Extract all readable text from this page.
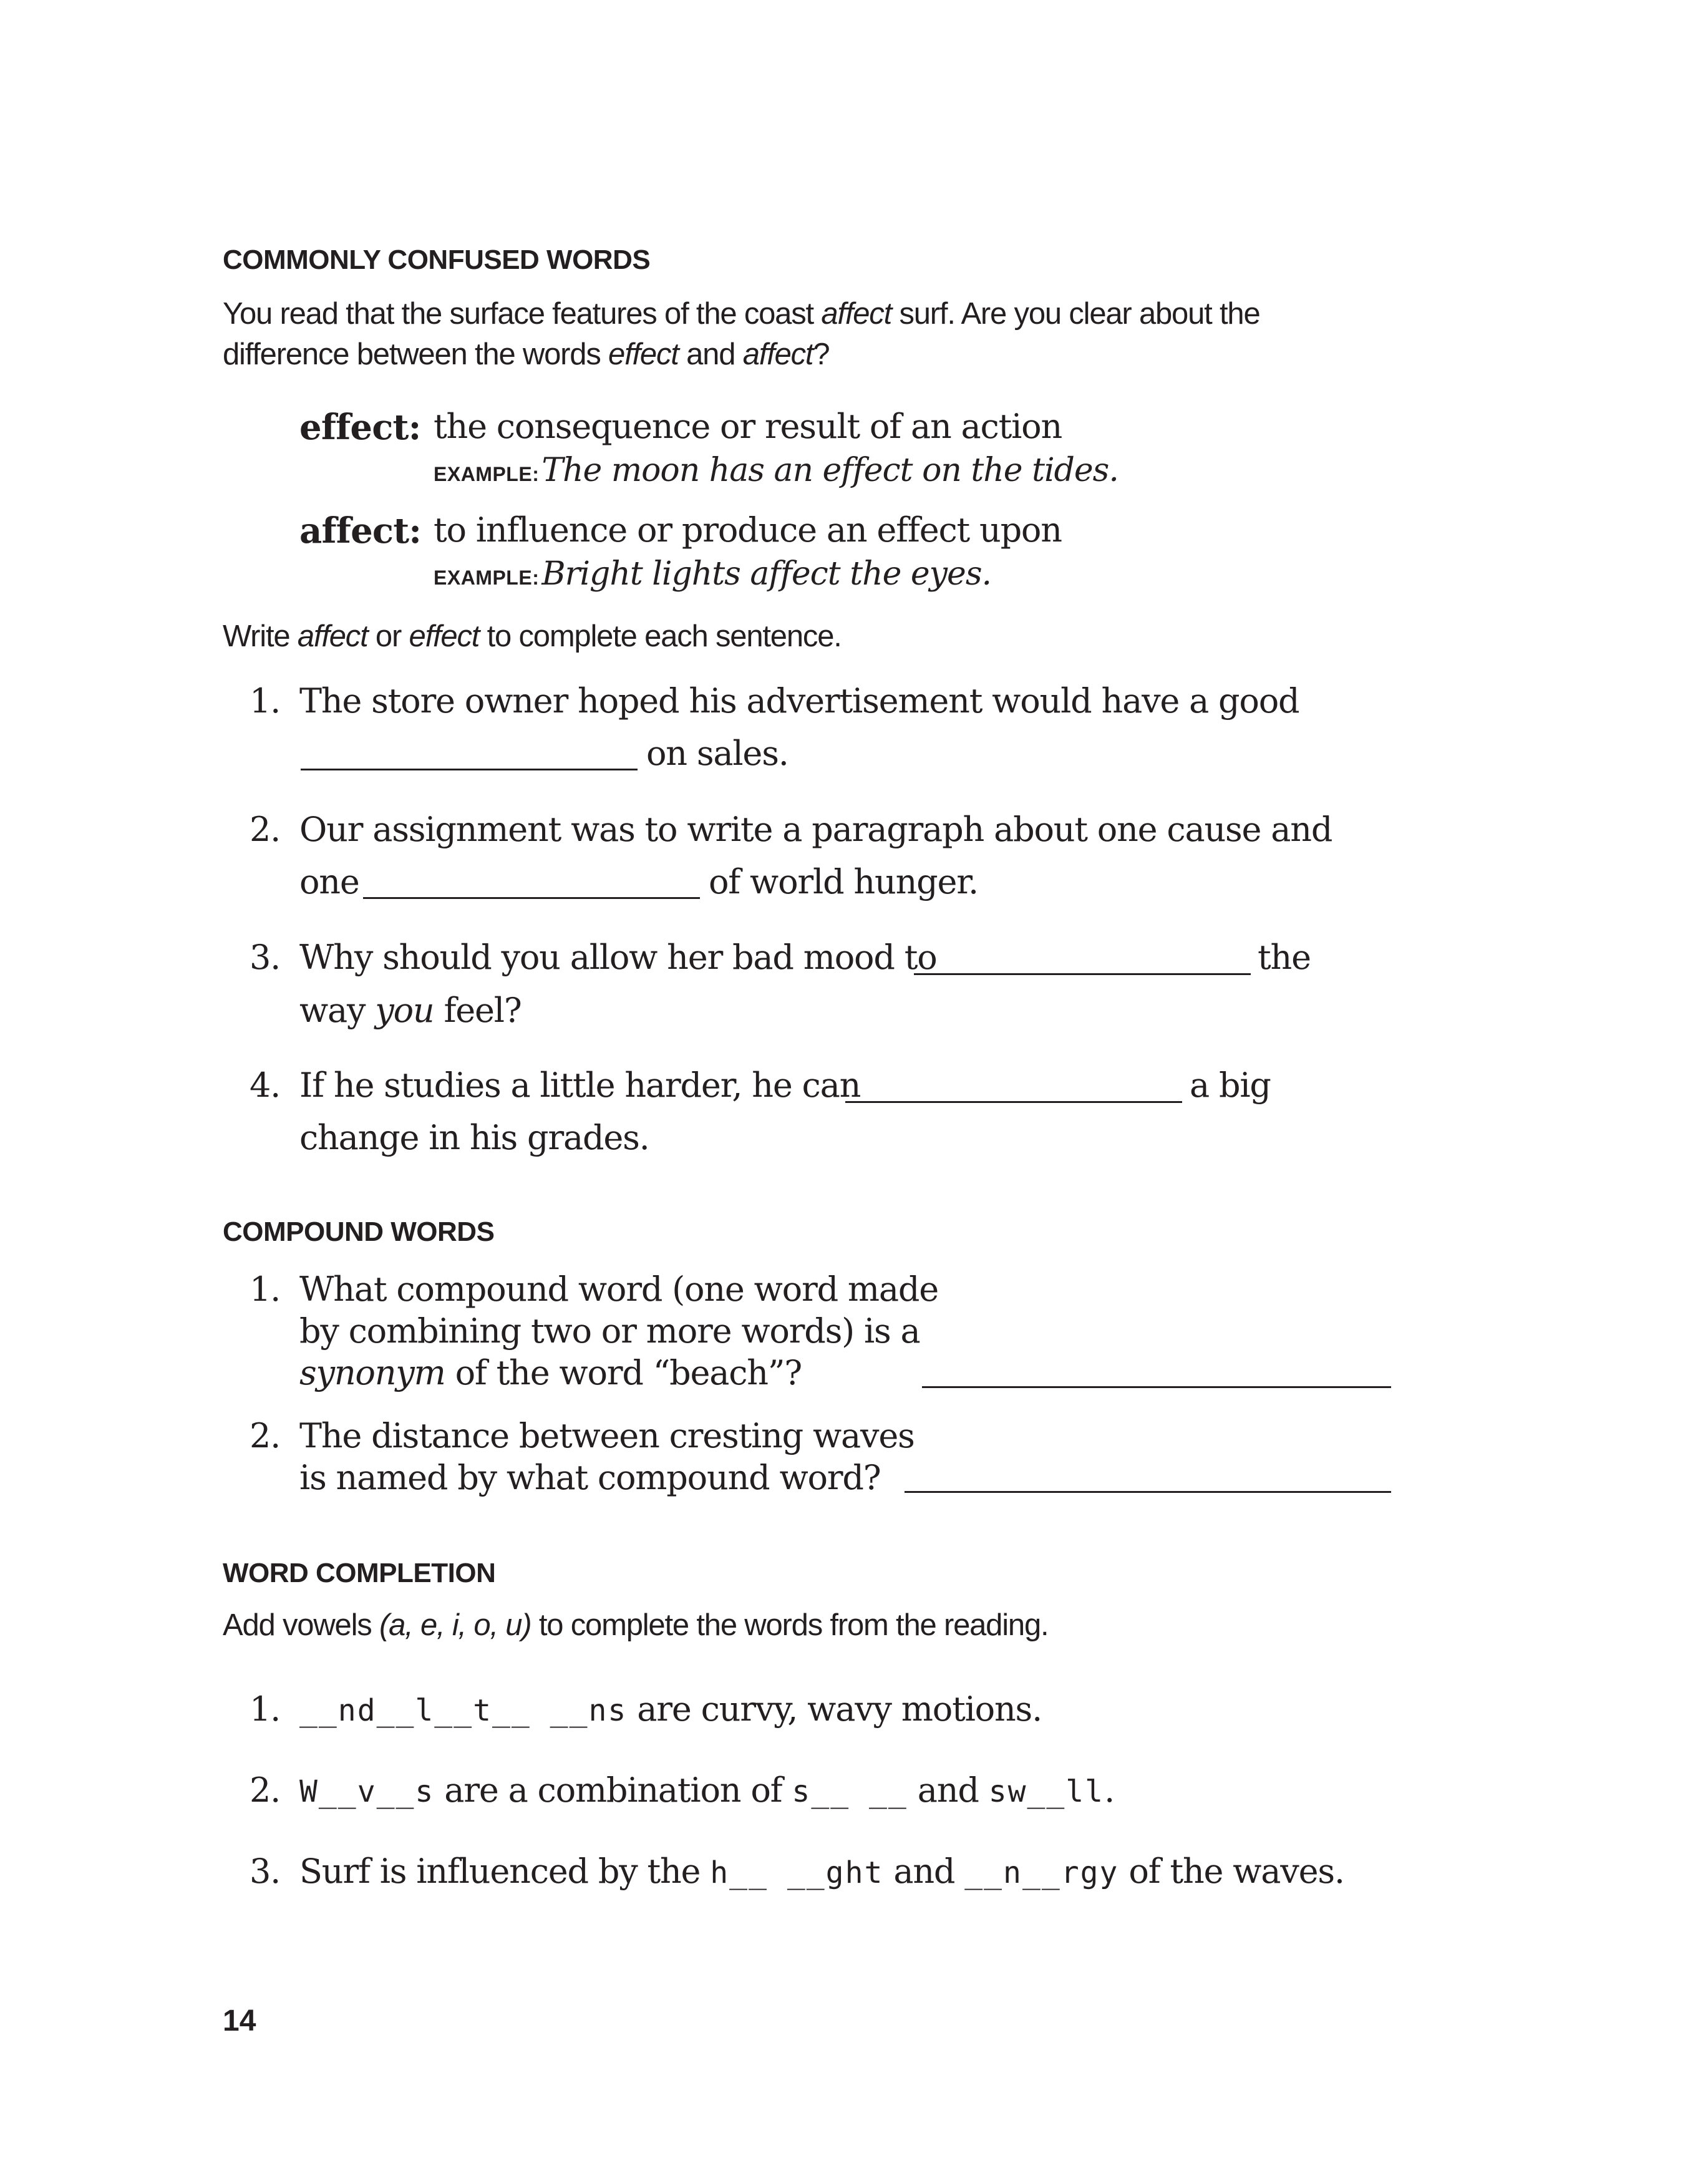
COMMONLY CONFUSED WORDS
You read that the surface features of the coast affect surf. Are you clear about the
difference between the words effect and affect?
effect: the consequence or result of an action
EXAMPLE: The moon has an effect on the tides.
affect: to influence or produce an effect upon
EXAMPLE: Bright lights affect the eyes.
Write affect or effect to complete each sentence.
1. The store owner hoped his advertisement would have a good
on sales.
2. Our assignment was to write a paragraph about one cause and
one	of world hunger.
3. Why should you allow her bad mood to	the
way you feel?
4. If he studies a little harder, he can	a big
change in his grades.
COMPOUND WORDS
1. What compound word (one word made
by combining two or more words) is a
synonym of the word “beach”?
2. The distance between cresting waves
is named by what compound word?
WORD COMPLETION
Add vowels (a, e, i, o, u) to complete the words from the reading.
1. __nd__l__t__ __ns are curvy, wavy motions.
2. W__v__s are a combination of s__ __ and sw__ll.
3. Surf is influenced by the h__ __ght and __n__rgy of the waves.
14
